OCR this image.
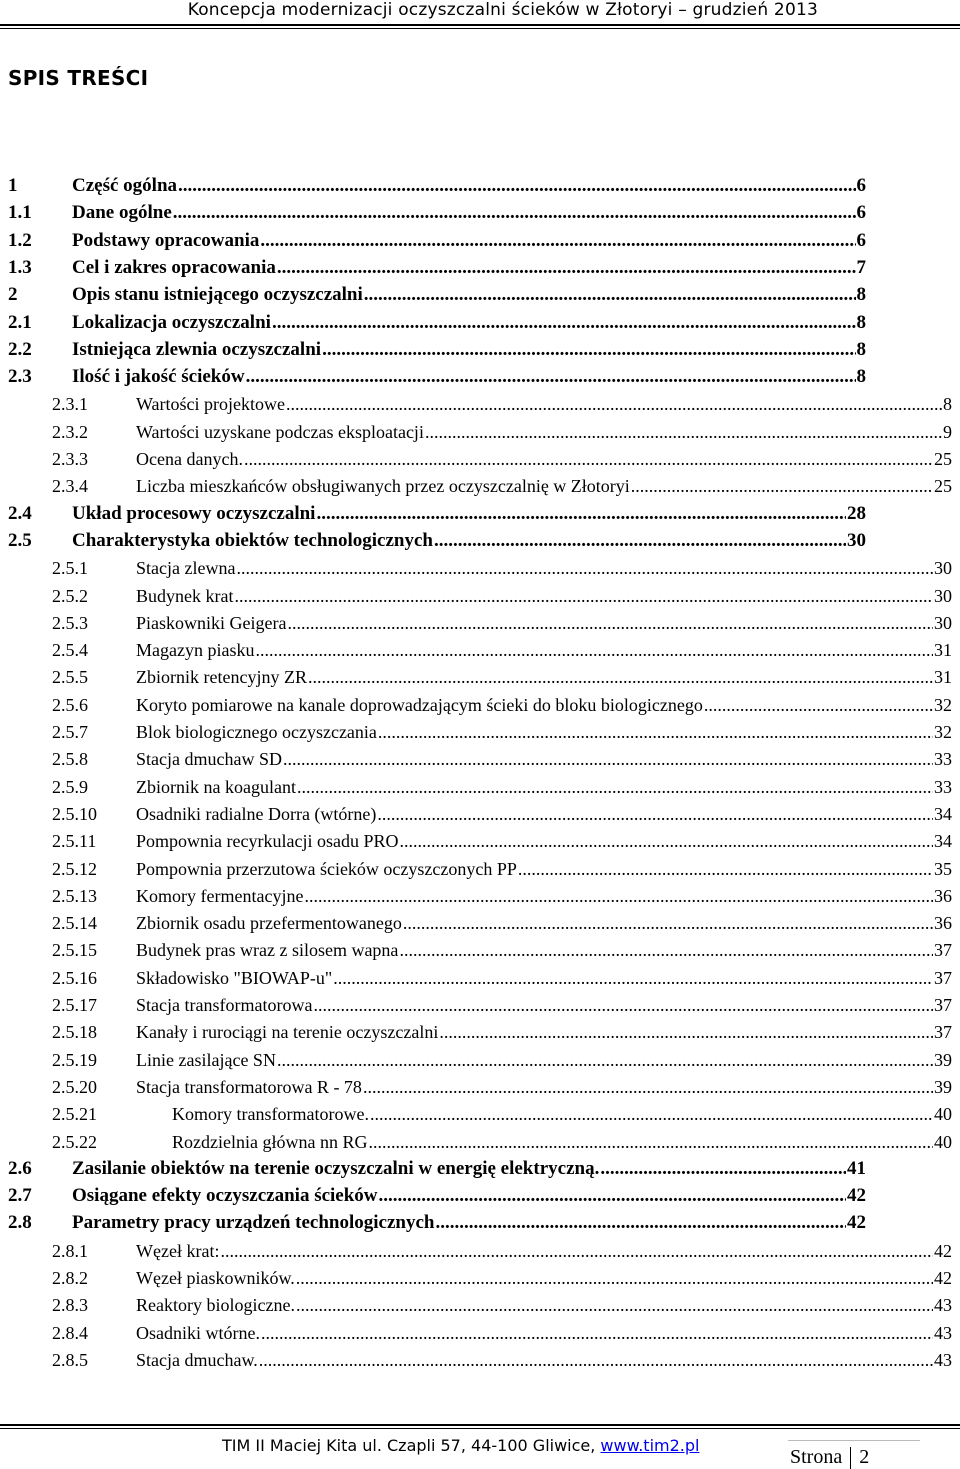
Koncepcja modernizacji oczyszczalni ścieków w Złotoryi – grudzień 2013
SPIS TREŚCI
1	Część ogólna .....	6
1.1	Dane ogólne .....	6
1.2	Podstawy opracowania .....	6
1.3	Cel i zakres opracowania .....	7
2	Opis stanu istniejącego oczyszczalni .....	8
2.1	Lokalizacja oczyszczalni .....	8
2.2	Istniejąca zlewnia oczyszczalni .....	8
2.3	Ilość i jakość ścieków .....	8
2.3.1	Wartości projektowe .....	8
2.3.2	Wartości uzyskane podczas eksploatacji .....	9
2.3.3	Ocena danych. .....	25
2.3.4	Liczba mieszkańców obsługiwanych przez oczyszczalnię w Złotoryi .....	25
2.4	Układ procesowy oczyszczalni .....	28
2.5	Charakterystyka obiektów technologicznych .....	30
2.5.1	Stacja zlewna .....	30
2.5.2	Budynek krat .....	30
2.5.3	Piaskowniki Geigera .....	30
2.5.4	Magazyn piasku .....	31
2.5.5	Zbiornik retencyjny ZR .....	31
2.5.6	Koryto pomiarowe na kanale doprowadzającym ścieki do bloku biologicznego .....	32
2.5.7	Blok biologicznego oczyszczania .....	32
2.5.8	Stacja dmuchaw SD .....	33
2.5.9	Zbiornik na koagulant .....	33
2.5.10	Osadniki radialne Dorra (wtórne) .....	34
2.5.11	Pompownia recyrkulacji osadu PRO .....	34
2.5.12	Pompownia przerzutowa ścieków oczyszczonych PP .....	35
2.5.13	Komory fermentacyjne .....	36
2.5.14	Zbiornik osadu przefermentowanego .....	36
2.5.15	Budynek pras wraz z silosem wapna .....	37
2.5.16	Składowisko "BIOWAP-u" .....	37
2.5.17	Stacja transformatorowa .....	37
2.5.18	Kanały i rurociągi na terenie oczyszczalni .....	37
2.5.19	Linie zasilające SN .....	39
2.5.20	Stacja transformatorowa R - 78 .....	39
2.5.21	Komory transformatorowe. .....	40
2.5.22	Rozdzielnia główna nn RG .....	40
2.6	Zasilanie obiektów na terenie oczyszczalni w energię elektryczną. .....	41
2.7	Osiągane efekty oczyszczania ścieków .....	42
2.8	Parametry pracy urządzeń technologicznych .....	42
2.8.1	Węzeł krat: .....	42
2.8.2	Węzeł piaskowników. .....	42
2.8.3	Reaktory biologiczne. .....	43
2.8.4	Osadniki wtórne. .....	43
2.8.5	Stacja dmuchaw. .....	43
TIM II Maciej Kita ul. Czapli 57, 44-100 Gliwice, www.tim2.pl
Strona 2
